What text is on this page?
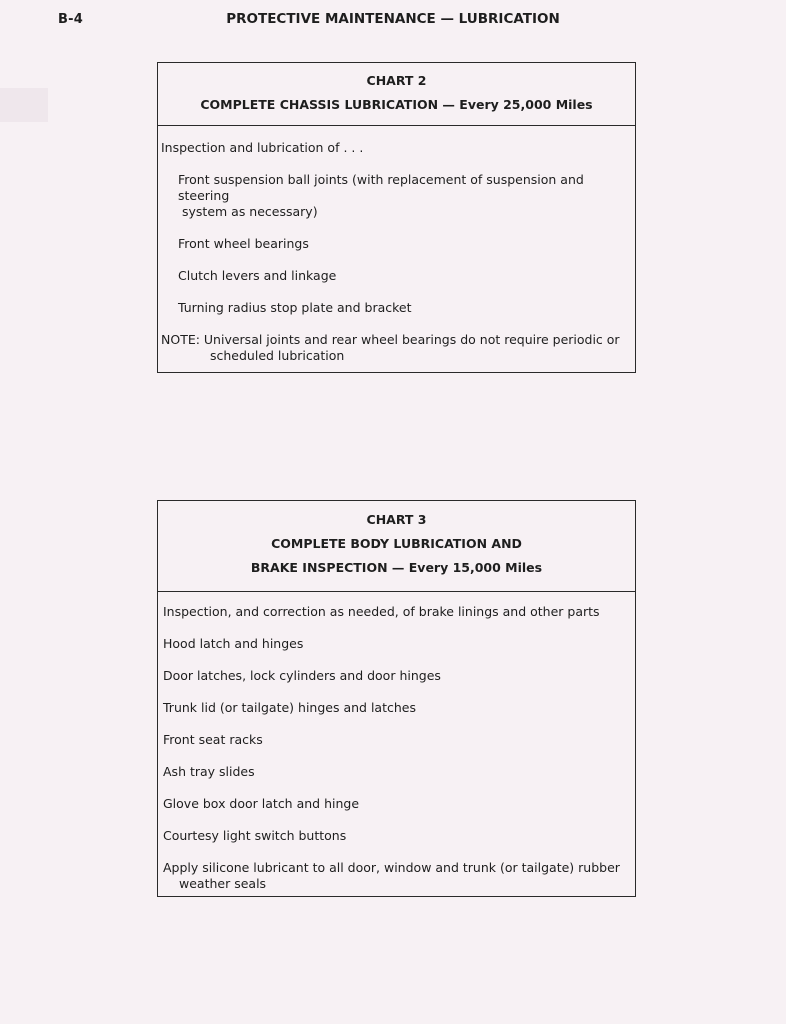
B-4	PROTECTIVE MAINTENANCE — LUBRICATION
CHART 2
COMPLETE CHASSIS LUBRICATION — Every 25,000 Miles

Inspection and lubrication of . . .

Front suspension ball joints (with replacement of suspension and steering
system as necessary)

Front wheel bearings

Clutch levers and linkage

Turning radius stop plate and bracket

NOTE: Universal joints and rear wheel bearings do not require periodic or
scheduled lubrication

CHART 3
COMPLETE BODY LUBRICATION AND
BRAKE INSPECTION — Every 15,000 Miles

Inspection, and correction as needed, of brake linings and other parts

Hood latch and hinges

Door latches, lock cylinders and door hinges

Trunk lid (or tailgate) hinges and latches

Front seat racks

Ash tray slides

Glove box door latch and hinge

Courtesy light switch buttons

Apply silicone lubricant to all door, window and trunk (or tailgate) rubber
weather seals
